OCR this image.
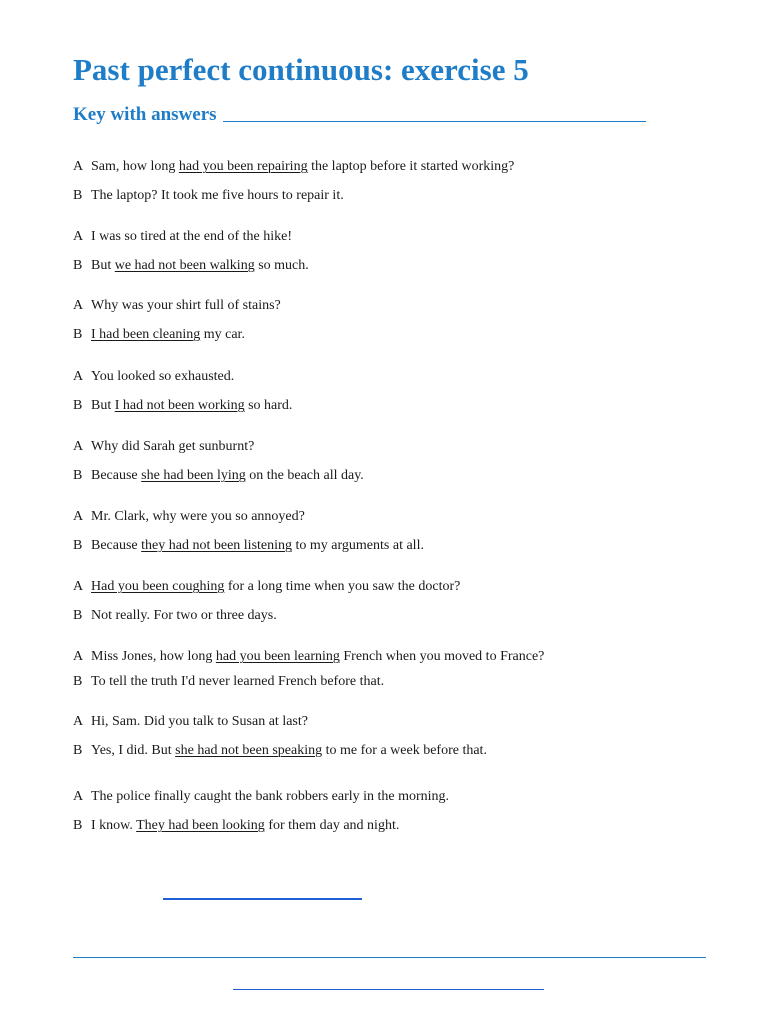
Past perfect continuous: exercise 5
Key with answers
A Sam, how long had you been repairing the laptop before it started working?
B The laptop? It took me five hours to repair it.
A I was so tired at the end of the hike!
B But we had not been walking so much.
A Why was your shirt full of stains?
B I had been cleaning my car.
A You looked so exhausted.
B But I had not been working so hard.
A Why did Sarah get sunburnt?
B Because she had been lying on the beach all day.
A Mr. Clark, why were you so annoyed?
B Because they had not been listening to my arguments at all.
A Had you been coughing for a long time when you saw the doctor?
B Not really. For two or three days.
A Miss Jones, how long had you been learning French when you moved to France?
B To tell the truth I'd never learned French before that.
A Hi, Sam. Did you talk to Susan at last?
B Yes, I did. But she had not been speaking to me for a week before that.
A The police finally caught the bank robbers early in the morning.
B I know. They had been looking for them day and night.
